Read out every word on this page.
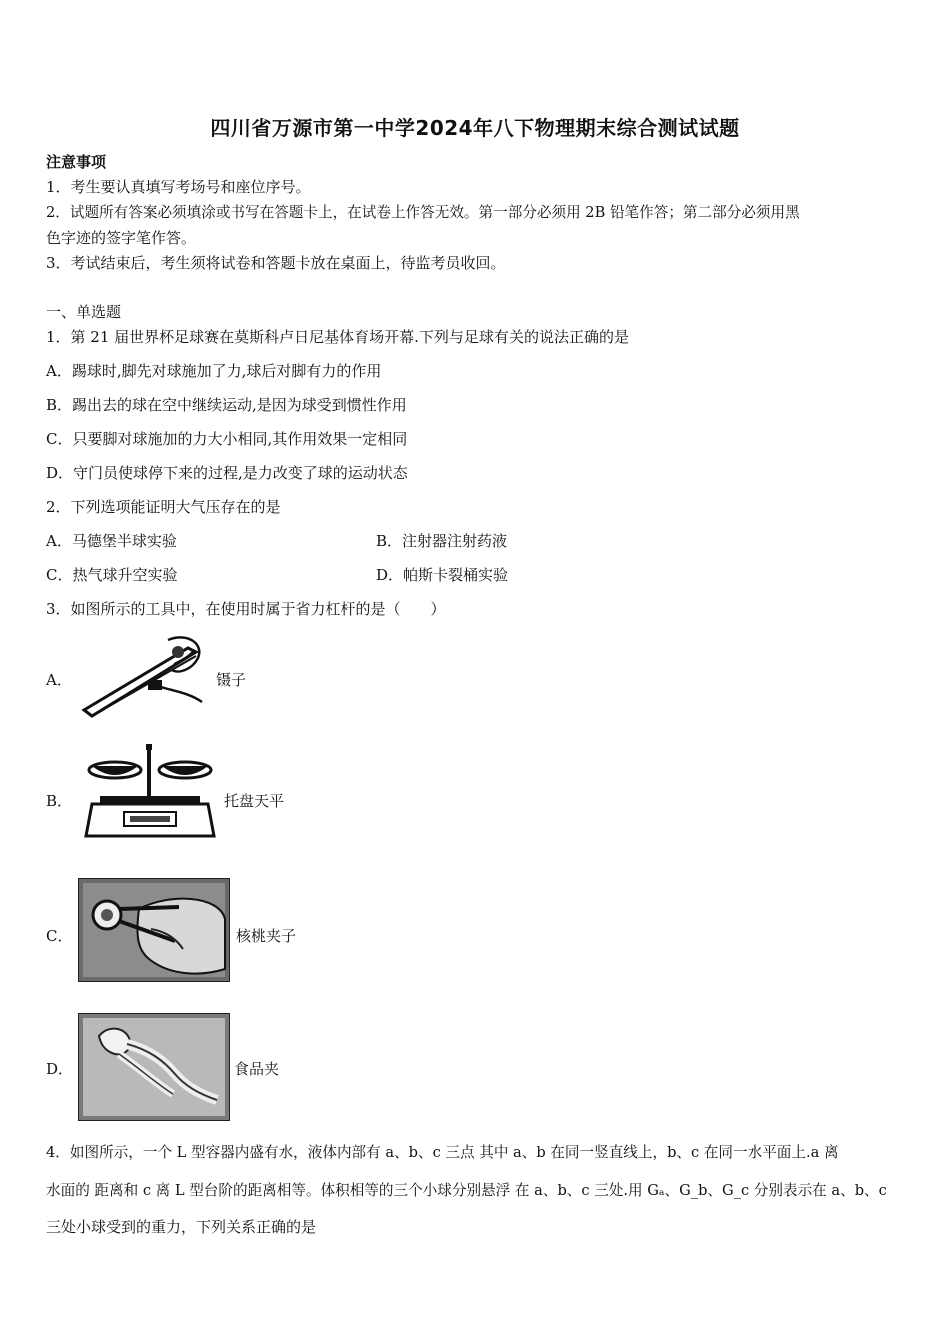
四川省万源市第一中学2024年八下物理期末综合测试试题
注意事项
1．考生要认真填写考场号和座位序号。
2．试题所有答案必须填涂或书写在答题卡上，在试卷上作答无效。第一部分必须用 2B 铅笔作答；第二部分必须用黑
色字迹的签字笔作答。
3．考试结束后，考生须将试卷和答题卡放在桌面上，待监考员收回。
一、单选题
1．第 21 届世界杯足球赛在莫斯科卢日尼基体育场开幕.下列与足球有关的说法正确的是
A．踢球时,脚先对球施加了力,球后对脚有力的作用
B．踢出去的球在空中继续运动,是因为球受到惯性作用
C．只要脚对球施加的力大小相同,其作用效果一定相同
D．守门员使球停下来的过程,是力改变了球的运动状态
2．下列选项能证明大气压存在的是
A．马德堡半球实验	B．注射器注射药液
C．热气球升空实验	D．帕斯卡裂桶实验
3．如图所示的工具中，在使用时属于省力杠杆的是（　　）
A．	镊子
B．	托盘天平
C．	核桃夹子
D．	食品夹
4．如图所示，一个 L 型容器内盛有水，液体内部有 a、b、c 三点 其中 a、b 在同一竖直线上，b、c 在同一水平面上.a 离
水面的 距离和 c 离 L 型台阶的距离相等。体积相等的三个小球分别悬浮 在 a、b、c 三处.用 Gₐ、G_b、G_c 分别表示在 a、b、c
三处小球受到的重力，下列关系正确的是
